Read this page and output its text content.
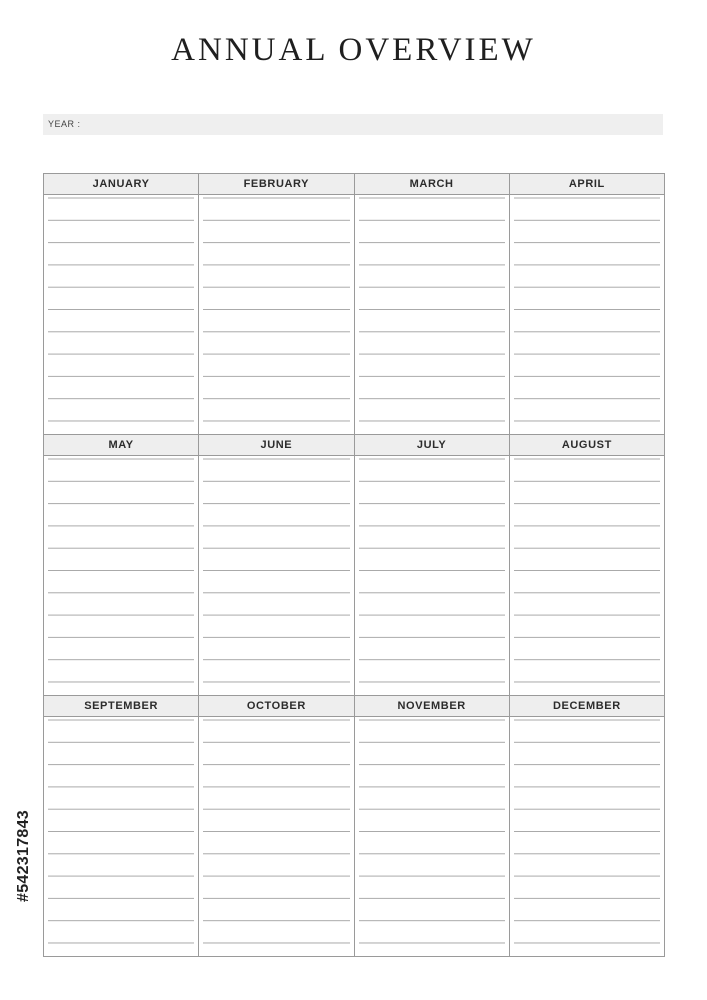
ANNUAL OVERVIEW
YEAR :
JANUARY	FEBRUARY	MARCH	APRIL
MAY	JUNE	JULY	AUGUST
SEPTEMBER	OCTOBER	NOVEMBER	DECEMBER
#542317843
